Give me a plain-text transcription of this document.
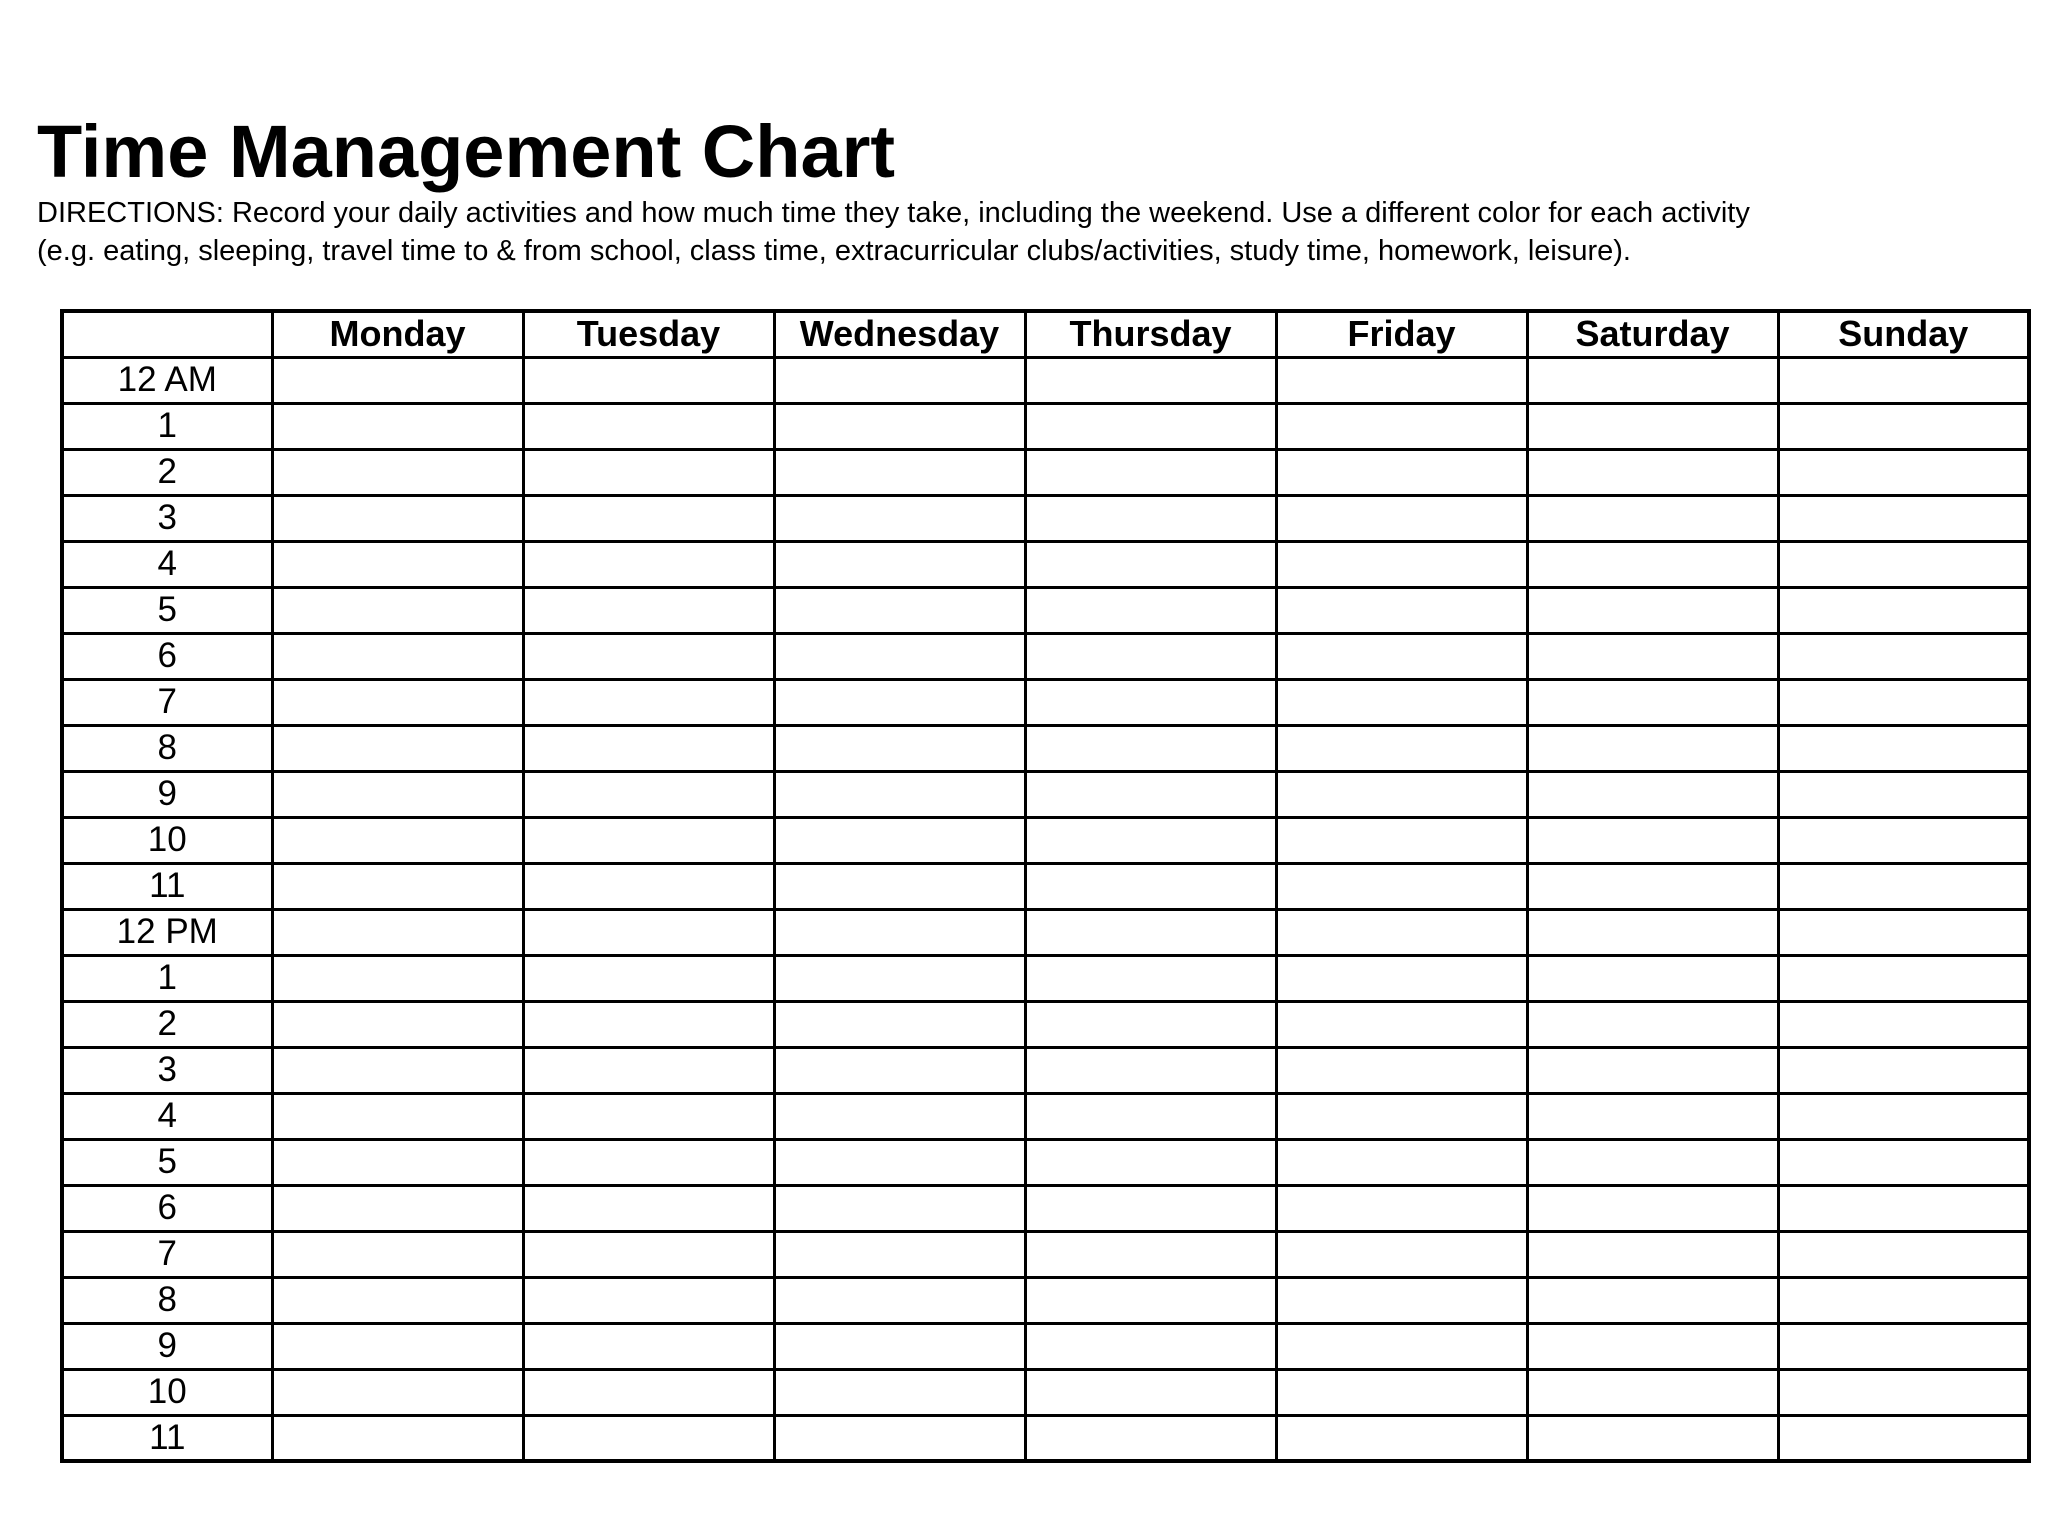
Time Management Chart

DIRECTIONS: Record your daily activities and how much time they take, including the weekend. Use a different color for each activity
(e.g. eating, sleeping, travel time to & from school, class time, extracurricular clubs/activities, study time, homework, leisure).

	Monday	Tuesday	Wednesday	Thursday	Friday	Saturday	Sunday
12 AM							
1							
2							
3							
4							
5							
6							
7							
8							
9							
10							
11							
12 PM							
1							
2							
3							
4							
5							
6							
7							
8							
9							
10							
11							
